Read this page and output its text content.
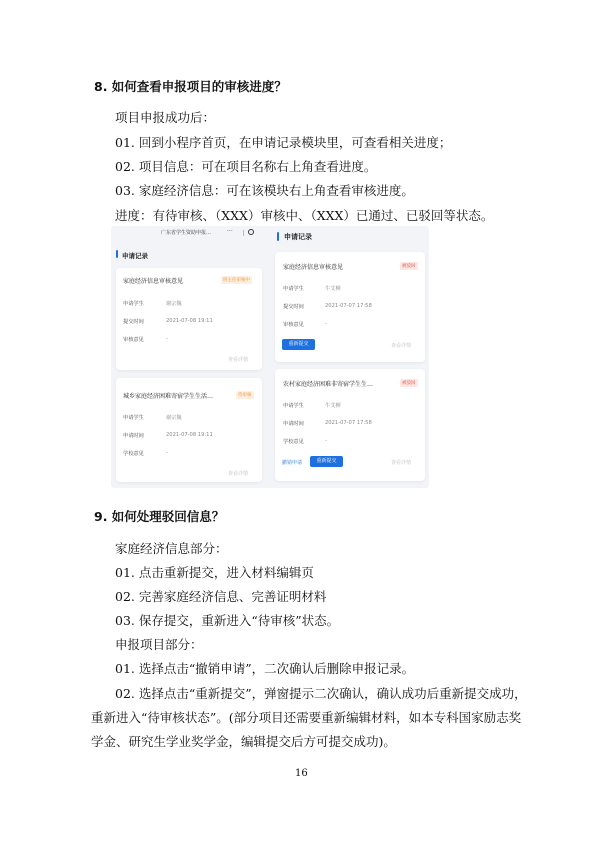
8. 如何查看申报项目的审核进度？
项目申报成功后：
01. 回到小程序首页，在申请记录模块里，可查看相关进度；
02. 项目信息：可在项目名称右上角查看进度。
03. 家庭经济信息：可在该模块右上角查看审核进度。
进度：有待审核、（XXX）审核中、（XXX）已通过、已驳回等状态。
广东省学生资助申报…	···
申请记录
家庭经济信息审核意见	班主任审核中
申请学生	谢宗魏
提交时间	2021-07-08 19:11
审核意见	-
查看详情
城乡家庭经济困难寄宿学生生活…	待审核
申请学生	谢宗魏
申请时间	2021-07-08 19:11
学校意见	-
查看详情
申请记录
家庭经济信息审核意见	被驳回
申请学生	牛艾柳
提交时间	2021-07-07 17:58
审核意见	-
重新提交	查看详情
农村家庭经济困难非寄宿学生生…	被驳回
申请学生	牛艾柳
申请时间	2021-07-07 17:58
学校意见	-
撤销申请	重新提交	查看详情
9. 如何处理驳回信息？
家庭经济信息部分：
01. 点击重新提交，进入材料编辑页
02. 完善家庭经济信息、完善证明材料
03. 保存提交，重新进入“待审核”状态。
申报项目部分：
01. 选择点击“撤销申请”，二次确认后删除申报记录。
02. 选择点击“重新提交”，弹窗提示二次确认，确认成功后重新提交成功，
重新进入“待审核状态”。(部分项目还需要重新编辑材料，如本专科国家励志奖
学金、研究生学业奖学金，编辑提交后方可提交成功)。
16
